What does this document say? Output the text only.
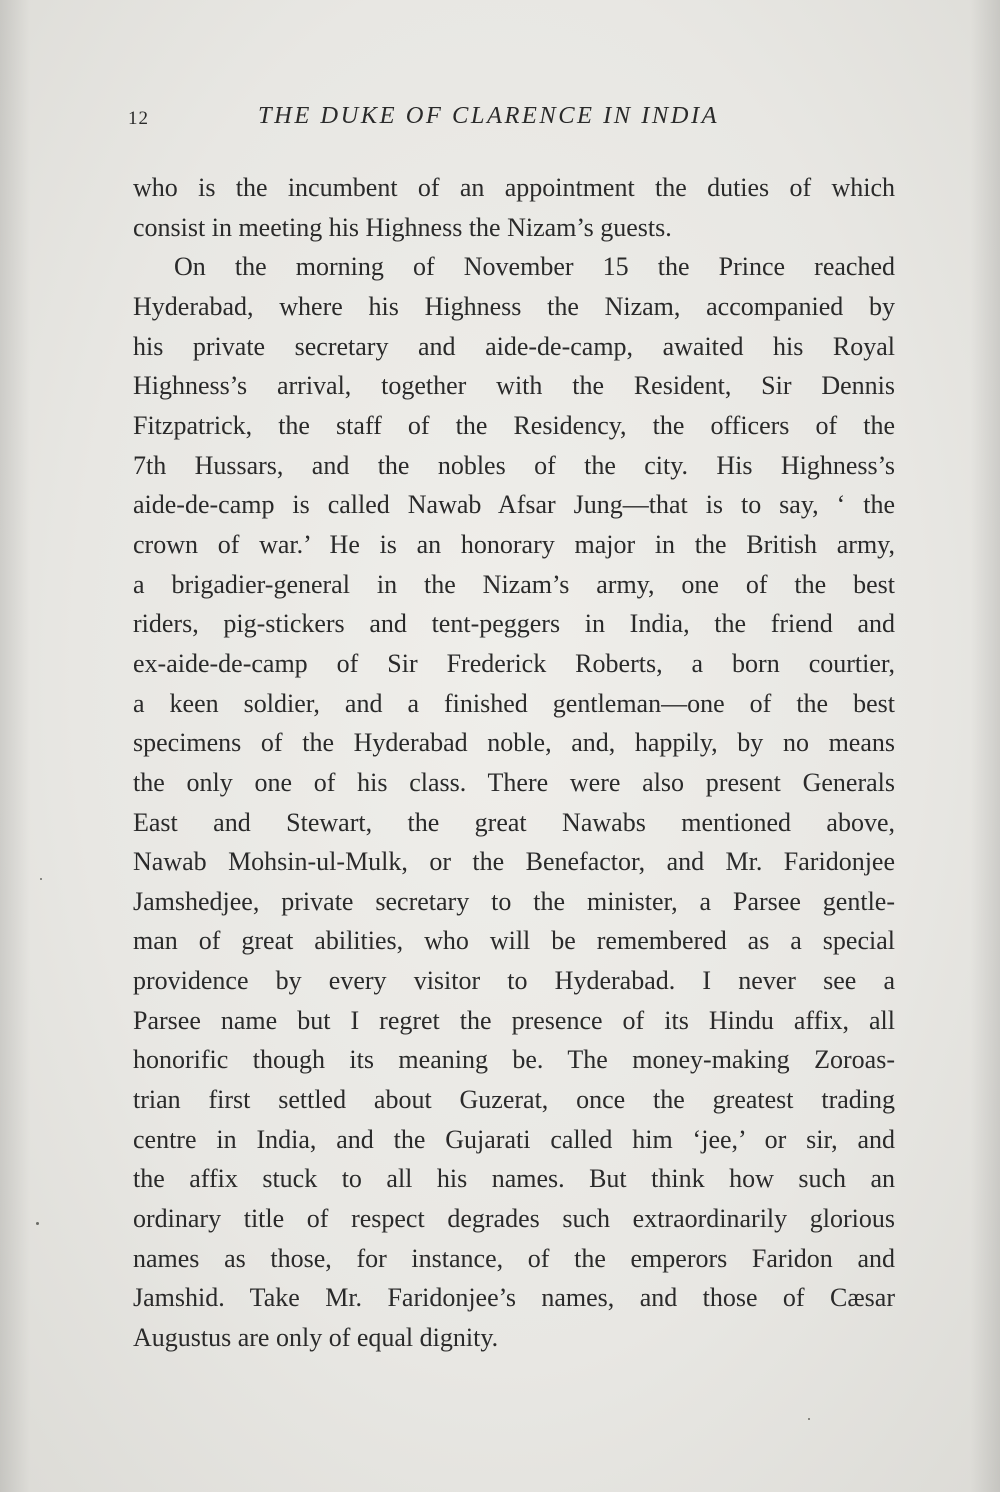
12	THE DUKE OF CLARENCE IN INDIA
who is the incumbent of an appointment the duties of which
consist in meeting his Highness the Nizam’s guests.
On the morning of November 15 the Prince reached
Hyderabad, where his Highness the Nizam, accompanied by
his private secretary and aide-de-camp, awaited his Royal
Highness’s arrival, together with the Resident, Sir Dennis
Fitzpatrick, the staff of the Residency, the officers of the
7th Hussars, and the nobles of the city. His Highness’s
aide-de-camp is called Nawab Afsar Jung—that is to say, ‘ the
crown of war.’ He is an honorary major in the British army,
a brigadier-general in the Nizam’s army, one of the best
riders, pig-stickers and tent-peggers in India, the friend and
ex-aide-de-camp of Sir Frederick Roberts, a born courtier,
a keen soldier, and a finished gentleman—one of the best
specimens of the Hyderabad noble, and, happily, by no means
the only one of his class. There were also present Generals
East and Stewart, the great Nawabs mentioned above,
Nawab Mohsin-ul-Mulk, or the Benefactor, and Mr. Faridonjee
Jamshedjee, private secretary to the minister, a Parsee gentle-
man of great abilities, who will be remembered as a special
providence by every visitor to Hyderabad. I never see a
Parsee name but I regret the presence of its Hindu affix, all
honorific though its meaning be. The money-making Zoroas-
trian first settled about Guzerat, once the greatest trading
centre in India, and the Gujarati called him ‘jee,’ or sir, and
the affix stuck to all his names. But think how such an
ordinary title of respect degrades such extraordinarily glorious
names as those, for instance, of the emperors Faridon and
Jamshid. Take Mr. Faridonjee’s names, and those of Cæsar
Augustus are only of equal dignity.
